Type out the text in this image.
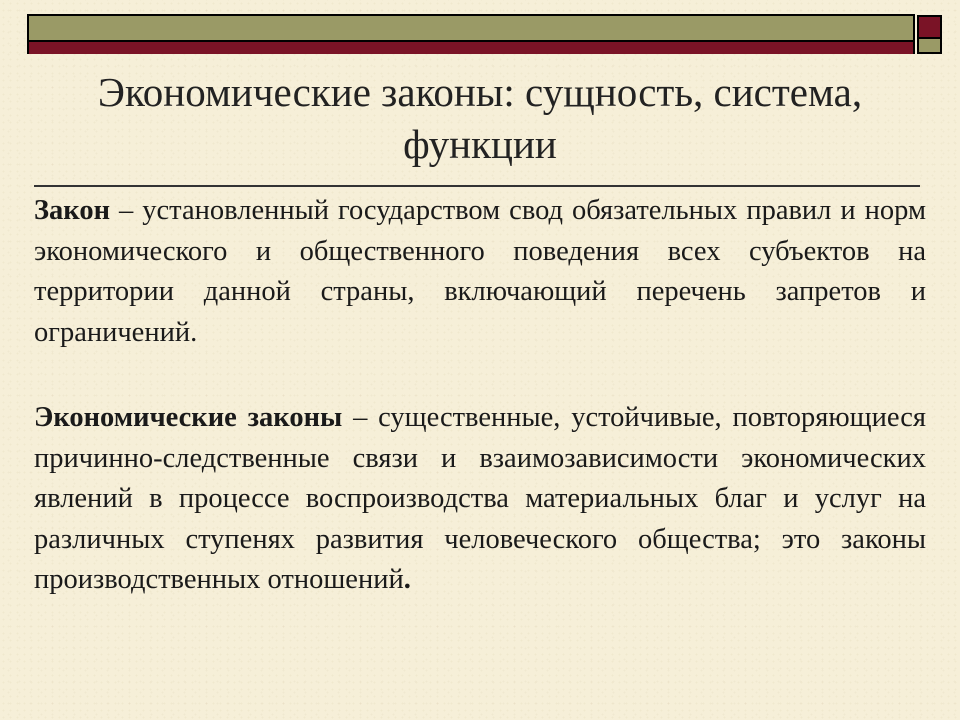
Экономические законы: сущность, система, функции

Закон – установленный государством свод обязательных правил и норм экономического и общественного поведения всех субъектов на территории данной страны, включающий перечень запретов и ограничений.

Экономические законы – существенные, устойчивые, повторяющиеся причинно-следственные связи и взаимозависимости экономических явлений в процессе воспроизводства материальных благ и услуг на различных ступенях развития человеческого общества; это законы производственных отношений.
